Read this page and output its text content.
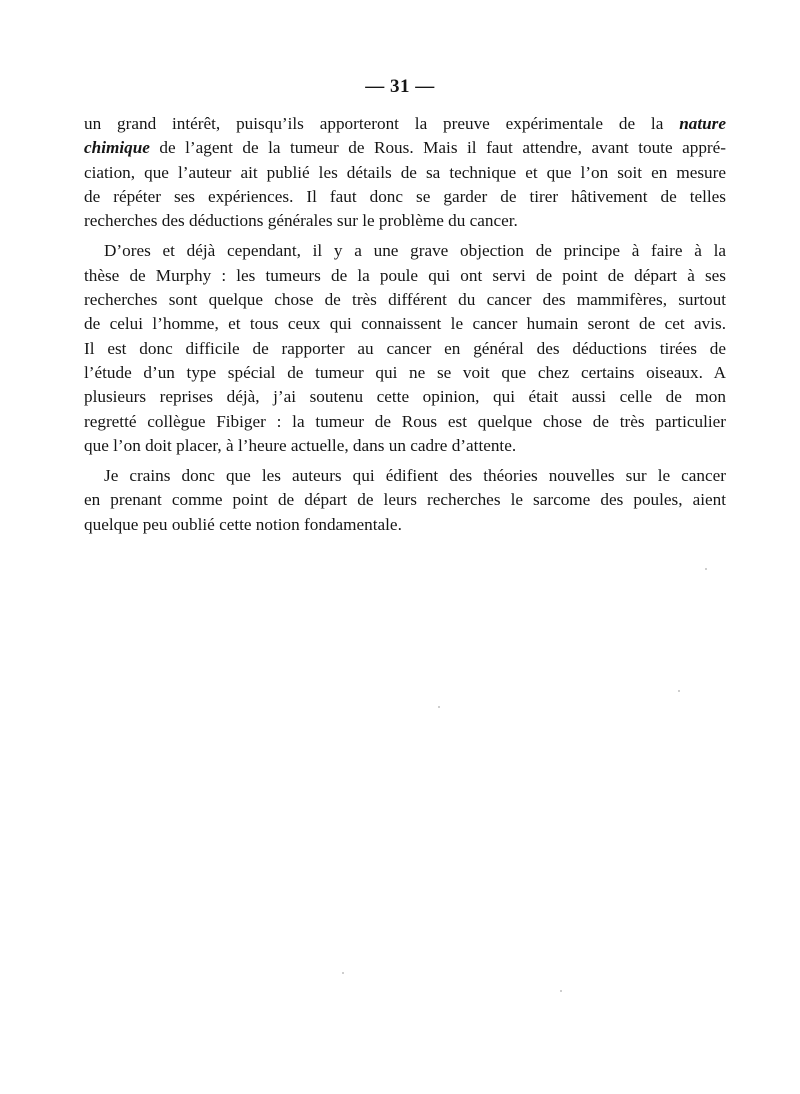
— 31 —
un grand intérêt, puisqu’ils apporteront la preuve expérimentale de la nature
chimique de l’agent de la tumeur de Rous. Mais il faut attendre, avant toute appré-
ciation, que l’auteur ait publié les détails de sa technique et que l’on soit en mesure
de répéter ses expériences. Il faut donc se garder de tirer hâtivement de telles
recherches des déductions générales sur le problème du cancer.
D’ores et déjà cependant, il y a une grave objection de principe à faire à la
thèse de Murphy : les tumeurs de la poule qui ont servi de point de départ à ses
recherches sont quelque chose de très différent du cancer des mammifères, surtout
de celui l’homme, et tous ceux qui connaissent le cancer humain seront de cet avis.
Il est donc difficile de rapporter au cancer en général des déductions tirées de
l’étude d’un type spécial de tumeur qui ne se voit que chez certains oiseaux. A
plusieurs reprises déjà, j’ai soutenu cette opinion, qui était aussi celle de mon
regretté collègue Fibiger : la tumeur de Rous est quelque chose de très particulier
que l’on doit placer, à l’heure actuelle, dans un cadre d’attente.
Je crains donc que les auteurs qui édifient des théories nouvelles sur le cancer
en prenant comme point de départ de leurs recherches le sarcome des poules, aient
quelque peu oublié cette notion fondamentale.
